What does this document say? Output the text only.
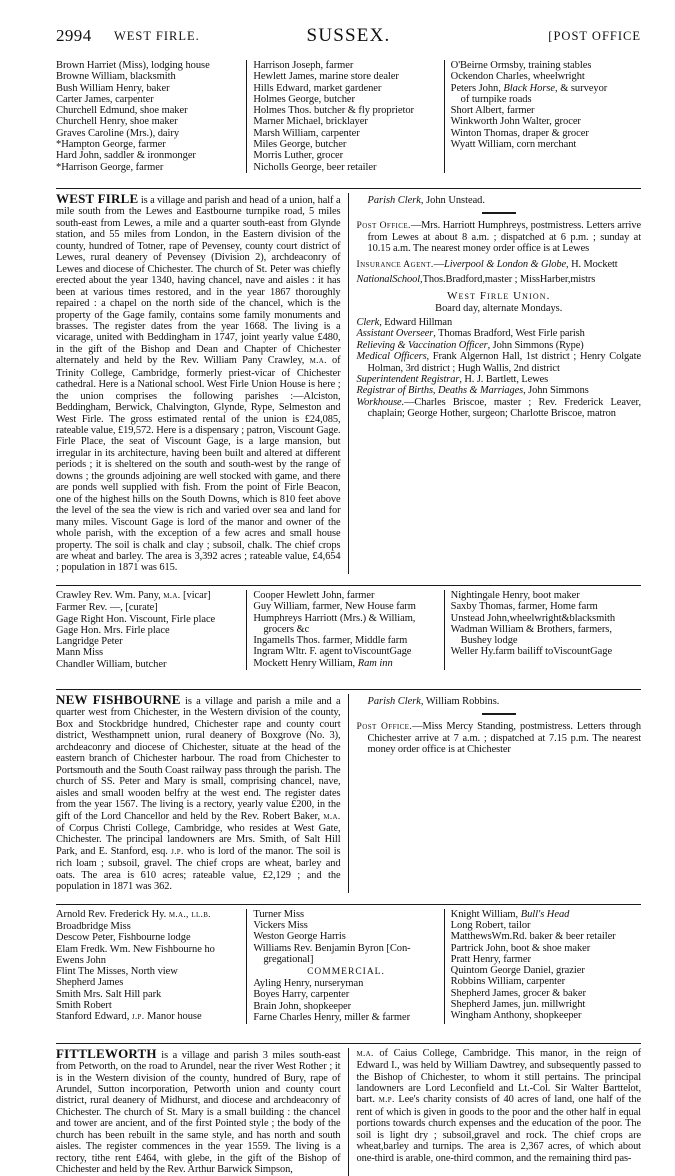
2994 WEST FIRLE.	SUSSEX.	[POST OFFICE
Brown Harriet (Miss), lodging house
Browne William, blacksmith
Bush William Henry, baker
Carter James, carpenter
Churchell Edmund, shoe maker
Churchell Henry, shoe maker
Graves Caroline (Mrs.), dairy
*Hampton George, farmer
Hard John, saddler & ironmonger
*Harrison George, farmer
Harrison Joseph, farmer
Hewlett James, marine store dealer
Hills Edward, market gardener
Holmes George, butcher
Holmes Thos. butcher & fly proprietor
Marner Michael, bricklayer
Marsh William, carpenter
Miles George, butcher
Morris Luther, grocer
Nicholls George, beer retailer
O'Beirne Ormsby, training stables
Ockendon Charles, wheelwright
Peters John, Black Horse, & surveyor
of turnpike roads
Short Albert, farmer
Winkworth John Walter, grocer
Winton Thomas, draper & grocer
Wyatt William, corn merchant

WEST FIRLE is a village and parish and head of a union, half a mile south from the Lewes and Eastbourne turnpike road, 5 miles south-east from Lewes, a mile and a quarter south-east from Glynde station, and 55 miles from London, in the Eastern division of the county, hundred of Totner, rape of Pevensey, county court district of Lewes, rural deanery of Pevensey (Division 2), archdeaconry of Lewes and diocese of Chichester. The church of St. Peter was chiefly erected about the year 1340, having chancel, nave and aisles : it has been at various times restored, and in the year 1867 thoroughly repaired : a chapel on the north side of the chancel, which is the property of the Gage family, contains some family monuments and brasses. The register dates from the year 1668. The living is a vicarage, united with Beddingham in 1747, joint yearly value £480, in the gift of the Bishop and Dean and Chapter of Chichester alternately and held by the Rev. William Pany Crawley, m.a. of Trinity College, Cambridge, formerly priest-vicar of Chichester cathedral. Here is a National school. West Firle Union House is here ; the union comprises the following parishes :—Alciston, Beddingham, Berwick, Chalvington, Glynde, Rype, Selmeston and West Firle. The gross estimated rental of the union is £24,085, rateable value, £19,572. Here is a dispensary ; patron, Viscount Gage. Firle Place, the seat of Viscount Gage, is a large mansion, but irregular in its architecture, having been built and altered at different periods ; it is sheltered on the south and south-west by the range of downs ; the grounds adjoining are well stocked with game, and there are ponds well supplied with fish. From the point of Firle Beacon, one of the highest hills on the South Downs, which is 810 feet above the level of the sea the view is rich and varied over sea and land for many miles. Viscount Gage is lord of the manor and owner of the whole parish, with the exception of a few acres and small house property. The soil is chalk and clay ; subsoil, chalk. The chief crops are wheat and barley. The area is 3,392 acres ; rateable value, £4,654 ; population in 1871 was 615.

Parish Clerk, John Unstead.

Post Office.—Mrs. Harriott Humphreys, postmistress. Letters arrive from Lewes at about 8 a.m. ; dispatched at 6 p.m. ; sunday at 10.15 a.m. The nearest money order office is at Lewes

Insurance Agent.—Liverpool & London & Globe, H. Mockett

NationalSchool,Thos.Bradford,master ; MissHarber,mistrs

West Firle Union.
Board day, alternate Mondays.

Clerk, Edward Hillman

Assistant Overseer, Thomas Bradford, West Firle parish

Relieving & Vaccination Officer, John Simmons (Rype)

Medical Officers, Frank Algernon Hall, 1st district ; Henry Colgate Holman, 3rd district ; Hugh Wallis, 2nd district

Superintendent Registrar, H. J. Bartlett, Lewes

Registrar of Births, Deaths & Marriages, John Simmons

Workhouse.—Charles Briscoe, master ; Rev. Frederick Leaver, chaplain; George Hother, surgeon; Charlotte Briscoe, matron

Crawley Rev. Wm. Pany, m.a. [vicar]
Farmer Rev. —, [curate]
Gage Right Hon. Viscount, Firle place
Gage Hon. Mrs. Firle place
Langridge Peter
Mann Miss
Chandler William, butcher
Cooper Hewlett John, farmer
Guy William, farmer, New House farm
Humphreys Harriott (Mrs.) & William,
grocers &c
Ingamells Thos. farmer, Middle farm
Ingram Wltr. F. agent toViscountGage
Mockett Henry William, Ram inn
Nightingale Henry, boot maker
Saxby Thomas, farmer, Home farm
Unstead John,wheelwright&blacksmith
Wadman William & Brothers, farmers,
Bushey lodge
Weller Hy.farm bailiff toViscountGage

NEW FISHBOURNE is a village and parish a mile and a quarter west from Chichester, in the Western division of the county, Box and Stockbridge hundred, Chichester rape and county court district, Westhampnett union, rural deanery of Boxgrove (No. 3), archdeaconry and diocese of Chichester, situate at the head of the eastern branch of Chichester harbour. The road from Chichester to Portsmouth and the South Coast railway pass through the parish. The church of SS. Peter and Mary is small, comprising chancel, nave, aisles and small wooden belfry at the west end. The register dates from the year 1567. The living is a rectory, yearly value £200, in the gift of the Lord Chancellor and held by the Rev. Robert Baker, m.a. of Corpus Christi College, Cambridge, who resides at West Gate, Chichester. The principal landowners are Mrs. Smith, of Salt Hill Park, and E. Stanford, esq. j.p. who is lord of the manor. The soil is rich loam ; subsoil, gravel. The chief crops are wheat, barley and oats. The area is 610 acres; rateable value, £2,129 ; and the population in 1871 was 362.

Parish Clerk, William Robbins.

Post Office.—Miss Mercy Standing, postmistress. Letters through Chichester arrive at 7 a.m. ; dispatched at 7.15 p.m. The nearest money order office is at Chichester

Arnold Rev. Frederick Hy. m.a., ll.b.
Broadbridge Miss
Descow Peter, Fishbourne lodge
Elam Fredk. Wm. New Fishbourne ho
Ewens John
Flint The Misses, North view
Shepherd James
Smith Mrs. Salt Hill park
Smith Robert
Stanford Edward, j.p. Manor house
Turner Miss
Vickers Miss
Weston George Harris
Williams Rev. Benjamin Byron [Con-
gregational]
COMMERCIAL.
Ayling Henry, nurseryman
Boyes Harry, carpenter
Brain John, shopkeeper
Farne Charles Henry, miller & farmer
Knight William, Bull's Head
Long Robert, tailor
MatthewsWm.Rd. baker & beer retailer
Partrick John, boot & shoe maker
Pratt Henry, farmer
Quintom George Daniel, grazier
Robbins William, carpenter
Shepherd James, grocer & baker
Shepherd James, jun. millwright
Wingham Anthony, shopkeeper

FITTLEWORTH is a village and parish 3 miles south-east from Petworth, on the road to Arundel, near the river West Rother ; it is in the Western division of the county, hundred of Bury, rape of Arundel, Sutton incorporation, Petworth union and county court district, rural deanery of Midhurst, and diocese and archdeaconry of Chichester. The church of St. Mary is a small building : the chancel and tower are ancient, and of the first Pointed style ; the body of the church has been rebuilt in the same style, and has north and south aisles. The register commences in the year 1559. The living is a rectory, tithe rent £464, with glebe, in the gift of the Bishop of Chichester and held by the Rev. Arthur Barwick Simpson,

m.a. of Caius College, Cambridge. This manor, in the reign of Edward I., was held by William Dawtrey, and subsequently passed to the Bishop of Chichester, to whom it still pertains. The principal landowners are Lord Leconfield and Lt.-Col. Sir Walter Barttelot, bart. m.p. Lee's charity consists of 40 acres of land, one half of the rent of which is given in goods to the poor and the other half in equal portions towards church expenses and the education of the poor. The soil is light dry ; subsoil,gravel and rock. The chief crops are wheat,barley and turnips. The area is 2,367 acres, of which about one-third is arable, one-third common, and the remaining third pas-
